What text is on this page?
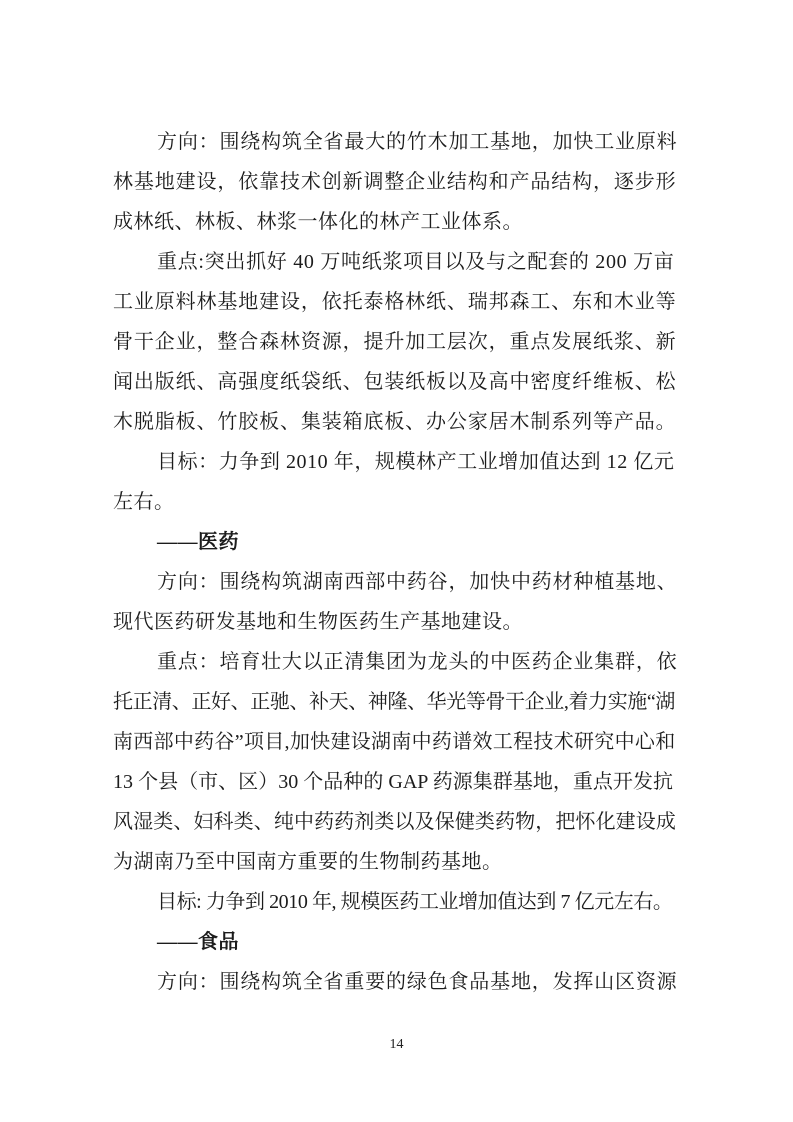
方向：围绕构筑全省最大的竹木加工基地，加快工业原料
林基地建设，依靠技术创新调整企业结构和产品结构，逐步形
成林纸、林板、林浆一体化的林产工业体系。
重点:突出抓好 40 万吨纸浆项目以及与之配套的 200 万亩
工业原料林基地建设，依托泰格林纸、瑞邦森工、东和木业等
骨干企业，整合森林资源，提升加工层次，重点发展纸浆、新
闻出版纸、高强度纸袋纸、包装纸板以及高中密度纤维板、松
木脱脂板、竹胶板、集装箱底板、办公家居木制系列等产品。
目标：力争到 2010 年，规模林产工业增加值达到 12 亿元
左右。
——医药
方向：围绕构筑湖南西部中药谷，加快中药材种植基地、
现代医药研发基地和生物医药生产基地建设。
重点：培育壮大以正清集团为龙头的中医药企业集群，依
托正清、正好、正驰、补天、神隆、华光等骨干企业,着力实施“湖
南西部中药谷”项目,加快建设湖南中药谱效工程技术研究中心和
13 个县（市、区）30 个品种的 GAP 药源集群基地，重点开发抗
风湿类、妇科类、纯中药药剂类以及保健类药物，把怀化建设成
为湖南乃至中国南方重要的生物制药基地。
目标: 力争到 2010 年, 规模医药工业增加值达到 7 亿元左右。
——食品
方向：围绕构筑全省重要的绿色食品基地，发挥山区资源
14
